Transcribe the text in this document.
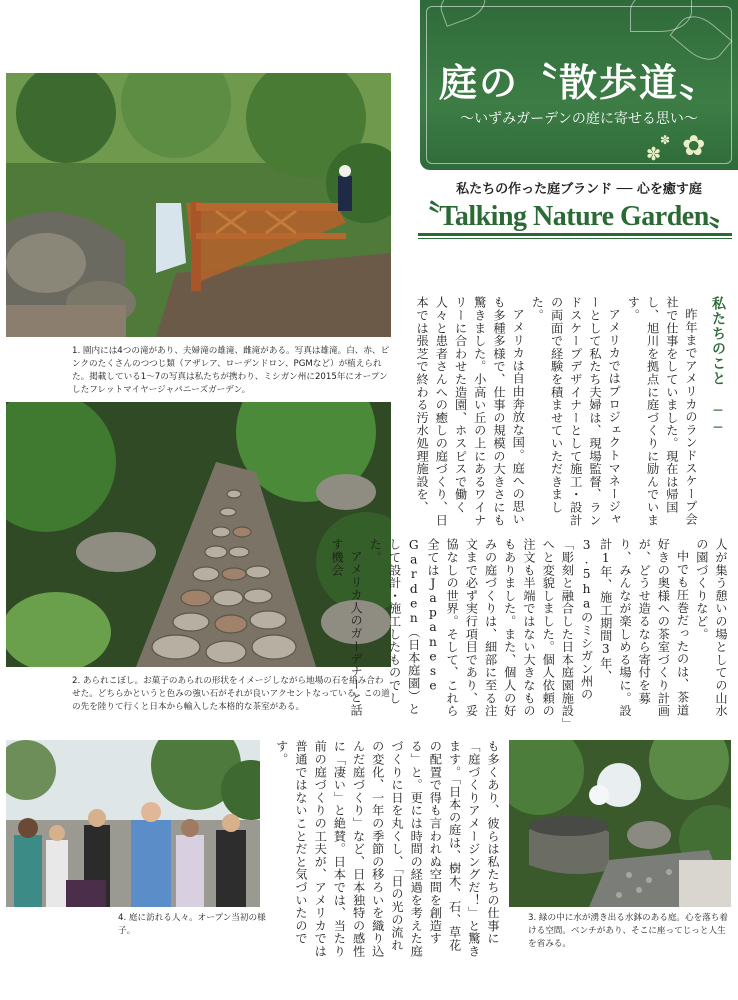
庭の〝散歩道〟
〜いずみガーデンの庭に寄せる思い〜
✿
✽
✽
私たちの作った庭ブランド ── 心を癒す庭
〝Talking Nature Garden〟
1. 園内には4つの滝があり、夫婦滝の雄滝、雌滝がある。写真は雄滝。白、赤、ピンクのたくさんのつつじ類（アザレア、ローデンドロン、PGMなど）が植えられた。掲載している1〜7の写真は私たちが携わり、ミシガン州に2015年にオープンしたフレットマイヤージャパニーズガーデン。
2. あられこぼし。お菓子のあられの形状をイメージしながら地場の石を組み合わせた。どちらかというと色みの強い石がそれが良いアクセントなっている。この道の先を陸りて行くと日本から輸入した本格的な茶室がある。
4. 庭に訪れる人々。オープン当初の様子。
3. 緑の中に水が湧き出る水鉢のある庭。心を落ち着ける空間。ベンチがあり、そこに座ってじっと人生を省みる。
私たちのこと ──

昨年までアメリカのランドスケープ会社で仕事をしていました。現在は帰国し、旭川を拠点に庭づくりに励んでいます。

アメリカではプロジェクトマネージャーとして私たち夫婦は、現場監督、ランドスケープデザイナーとして施工・設計の両面で経験を積ませていただきました。

アメリカは自由奔放な国。庭への思いも多種多様で、仕事の規模の大きさにも驚きました。小高い丘の上にあるワイナリーに合わせた造園、ホスピスで働く人々と患者さんへの癒しの庭づくり、日本では張芝で終わる汚水処理施設を、

人が集う憩いの場としての山水の園づくりなど。

中でも圧巻だったのは、茶道好きの奥様への茶室づくり計画が、どうせ造るなら寄付を募り、みんなが楽しめる場に。設計1年、施工期間3年、3.5haのミシガン州の「彫刻と融合した日本庭園施設」へと変貌しました。個人依頼の注文も半端ではない大きなものもありました。また、個人の好みの庭づくりは、細部に至る注文まで必ず実行項目であり、妥協なしの世界。そして、これら全てはJapanese Garden（日本庭園）として設計・施工したものでした。

アメリカ人のガーデナーと話す機会

も多くあり、彼らは私たちの仕事に「庭づくりアメージングだ！」と驚きます。「日本の庭は、樹木、石、草花の配置で得も言われぬ空間を創造する」と。更には時間の経過を考えた庭づくりに日を丸くし、「日の光の流れの変化、一年の季節の移ろいを織り込んだ庭づくり」など、日本独特の感性に「凄い」と絶賛。日本では、当たり前の庭づくりの工夫が、アメリカでは普通ではないことだと気づいたのです。
